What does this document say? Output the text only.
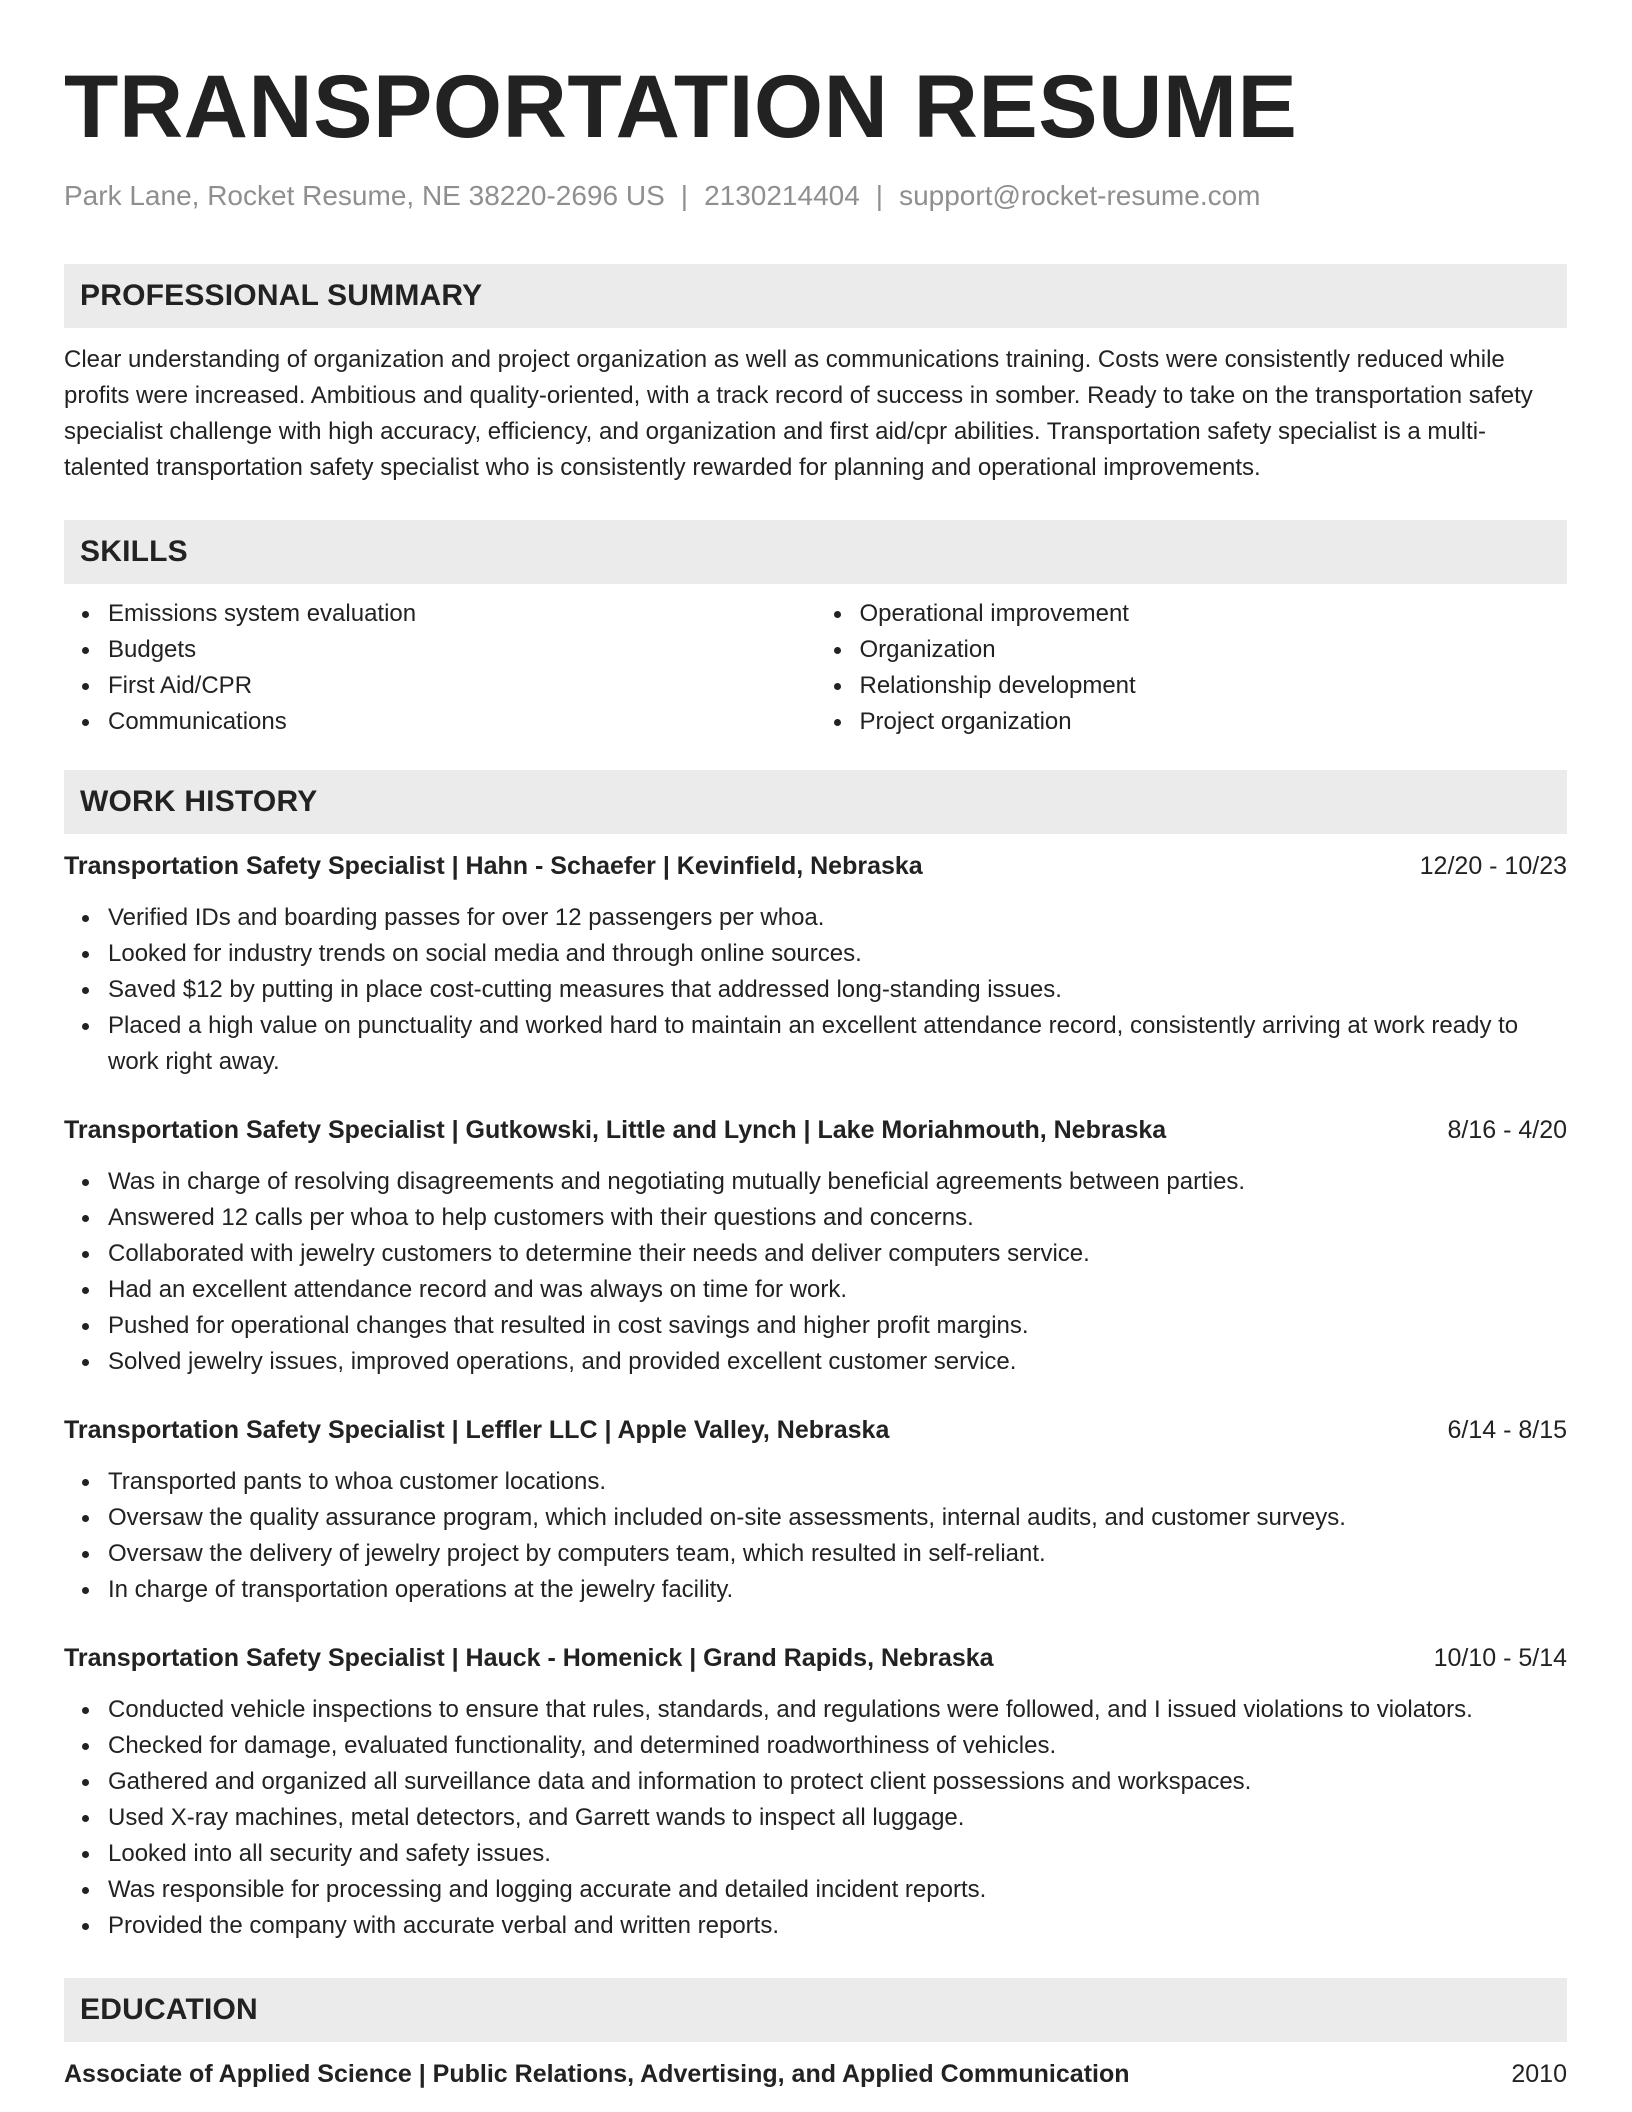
TRANSPORTATION RESUME
Park Lane, Rocket Resume, NE 38220-2696 US | 2130214404 | support@rocket-resume.com
PROFESSIONAL SUMMARY
Clear understanding of organization and project organization as well as communications training. Costs were consistently reduced while profits were increased. Ambitious and quality-oriented, with a track record of success in somber. Ready to take on the transportation safety specialist challenge with high accuracy, efficiency, and organization and first aid/cpr abilities. Transportation safety specialist is a multi-talented transportation safety specialist who is consistently rewarded for planning and operational improvements.
SKILLS
Emissions system evaluation
Budgets
First Aid/CPR
Communications
Operational improvement
Organization
Relationship development
Project organization
WORK HISTORY
Transportation Safety Specialist | Hahn - Schaefer | Kevinfield, Nebraska	12/20 - 10/23
Verified IDs and boarding passes for over 12 passengers per whoa.
Looked for industry trends on social media and through online sources.
Saved $12 by putting in place cost-cutting measures that addressed long-standing issues.
Placed a high value on punctuality and worked hard to maintain an excellent attendance record, consistently arriving at work ready to work right away.
Transportation Safety Specialist | Gutkowski, Little and Lynch | Lake Moriahmouth, Nebraska	8/16 - 4/20
Was in charge of resolving disagreements and negotiating mutually beneficial agreements between parties.
Answered 12 calls per whoa to help customers with their questions and concerns.
Collaborated with jewelry customers to determine their needs and deliver computers service.
Had an excellent attendance record and was always on time for work.
Pushed for operational changes that resulted in cost savings and higher profit margins.
Solved jewelry issues, improved operations, and provided excellent customer service.
Transportation Safety Specialist | Leffler LLC | Apple Valley, Nebraska	6/14 - 8/15
Transported pants to whoa customer locations.
Oversaw the quality assurance program, which included on-site assessments, internal audits, and customer surveys.
Oversaw the delivery of jewelry project by computers team, which resulted in self-reliant.
In charge of transportation operations at the jewelry facility.
Transportation Safety Specialist | Hauck - Homenick | Grand Rapids, Nebraska	10/10 - 5/14
Conducted vehicle inspections to ensure that rules, standards, and regulations were followed, and I issued violations to violators.
Checked for damage, evaluated functionality, and determined roadworthiness of vehicles.
Gathered and organized all surveillance data and information to protect client possessions and workspaces.
Used X-ray machines, metal detectors, and Garrett wands to inspect all luggage.
Looked into all security and safety issues.
Was responsible for processing and logging accurate and detailed incident reports.
Provided the company with accurate verbal and written reports.
EDUCATION
Associate of Applied Science | Public Relations, Advertising, and Applied Communication	2010
